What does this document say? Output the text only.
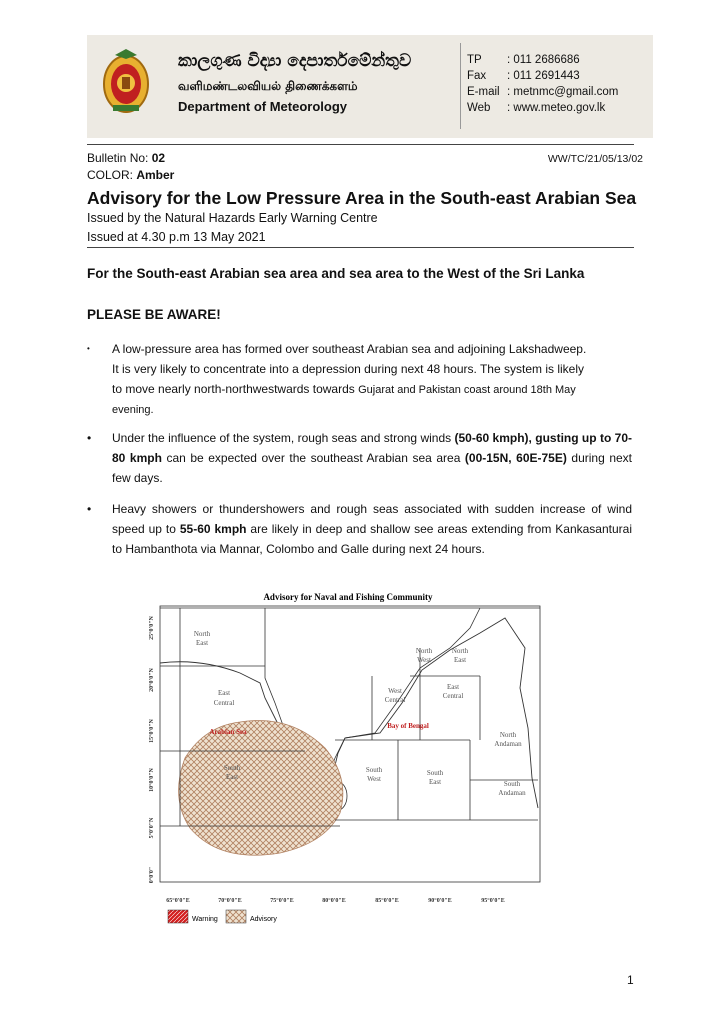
කාලගුණ විද්‍යා දෙපාර්තමේන්තුව
வளிமண்டலவியல் திணைக்களம்
Department of Meteorology
TP	: 011 2686686
Fax	: 011 2691443
E-mail : metnmc@gmail.com
Web	: www.meteo.gov.lk
Bulletin No: 02	WW/TC/21/05/13/02
COLOR: Amber
Advisory for the Low Pressure Area in the South-east Arabian Sea
Issued by the Natural Hazards Early Warning Centre
Issued at 4.30 p.m 13 May 2021
For the South-east Arabian sea area and sea area to the West of the Sri Lanka
PLEASE BE AWARE!
• A low-pressure area has formed over southeast Arabian sea and adjoining Lakshadweep.
It is very likely to concentrate into a depression during next 48 hours. The system is likely
to move nearly north-northwestwards towards Gujarat and Pakistan coast around 18th May
evening.
• Under the influence of the system, rough seas and strong winds (50-60 kmph), gusting up to 70-80 kmph can be expected over the southeast Arabian sea area (00-15N, 60E-75E) during next few days.
• Heavy showers or thundershowers and rough seas associated with sudden increase of wind speed up to 55-60 kmph are likely in deep and shallow see areas extending from Kankasanturai to Hambanthota via Mannar, Colombo and Galle during next 24 hours.
Advisory for Naval and Fishing Community
North
East
East
Central
South
East
North
West
North
East
West
Central
East
Central
North
Andaman
South
West
South
East	South
Andaman
Arabian Sea
Bay of Bengal
25°0'0"N
20°0'0"N
15°0'0"N
10°0'0"N
5°0'0"N
0°0'0"
65°0'0"E	70°0'0"E	75°0'0"E	80°0'0"E	85°0'0"E	90°0'0"E	95°0'0"E
Warning	Advisory
1
